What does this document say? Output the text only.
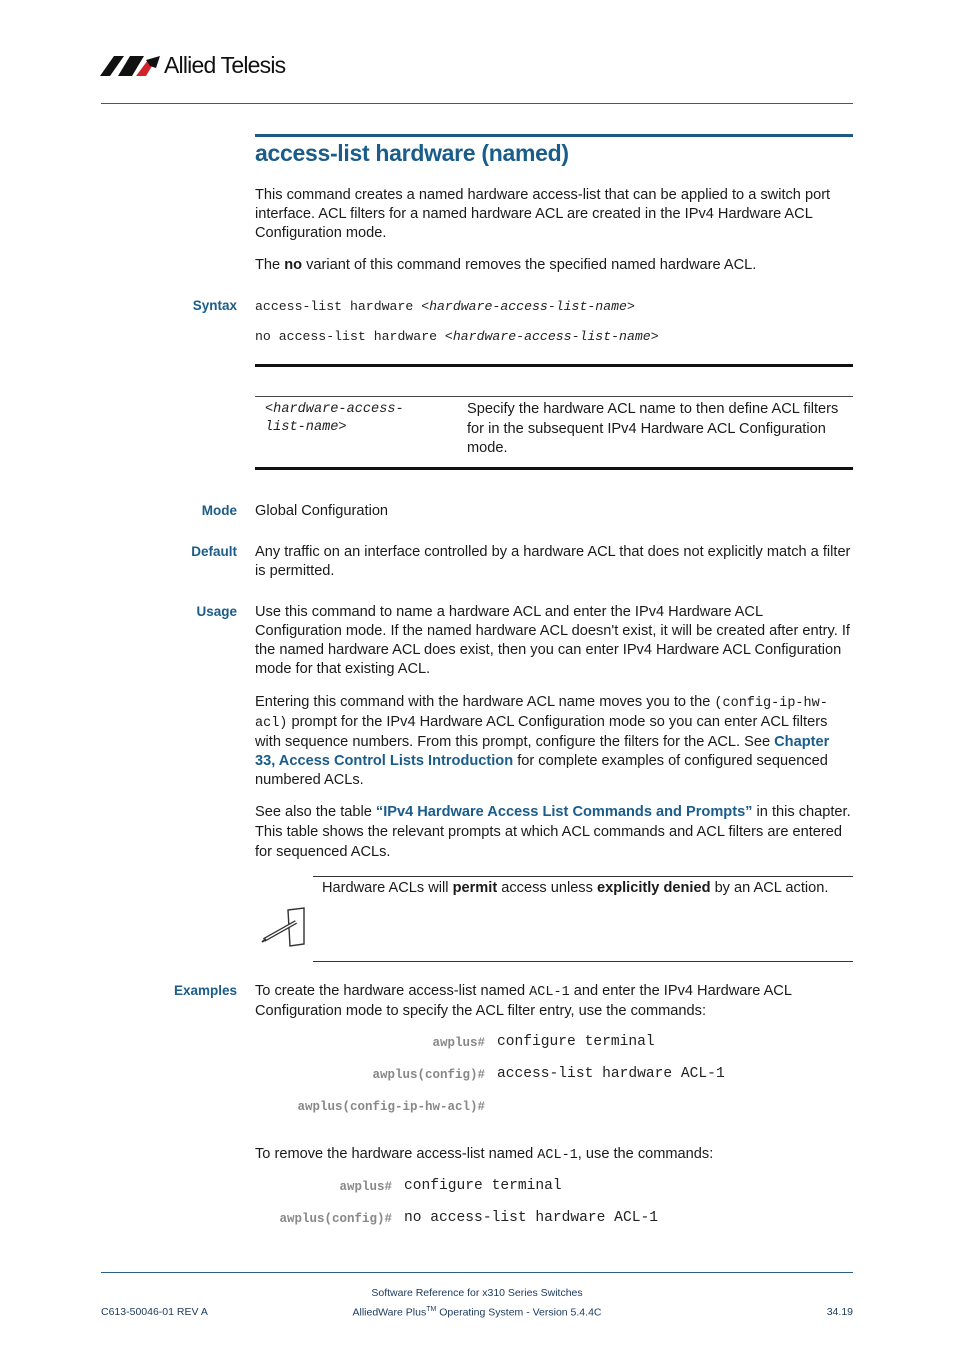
Allied Telesis
access-list hardware (named)
This command creates a named hardware access-list that can be applied to a switch port interface. ACL filters for a named hardware ACL are created in the IPv4 Hardware ACL Configuration mode.
The no variant of this command removes the specified named hardware ACL.
Syntax access-list hardware <hardware-access-list-name>
no access-list hardware <hardware-access-list-name>
<hardware-access-
list-name>
Specify the hardware ACL name to then define ACL filters for in the subsequent IPv4 Hardware ACL Configuration mode.
Mode Global Configuration
Default Any traffic on an interface controlled by a hardware ACL that does not explicitly match a filter is permitted.
Usage Use this command to name a hardware ACL and enter the IPv4 Hardware ACL Configuration mode. If the named hardware ACL doesn't exist, it will be created after entry. If the named hardware ACL does exist, then you can enter IPv4 Hardware ACL Configuration mode for that existing ACL.
Entering this command with the hardware ACL name moves you to the (config-ip-hw-acl) prompt for the IPv4 Hardware ACL Configuration mode so you can enter ACL filters with sequence numbers. From this prompt, configure the filters for the ACL. See Chapter 33, Access Control Lists Introduction for complete examples of configured sequenced numbered ACLs.
See also the table “IPv4 Hardware Access List Commands and Prompts” in this chapter. This table shows the relevant prompts at which ACL commands and ACL filters are entered for sequenced ACLs.
Hardware ACLs will permit access unless explicitly denied by an ACL action.
Examples To create the hardware access-list named ACL-1 and enter the IPv4 Hardware ACL Configuration mode to specify the ACL filter entry, use the commands:
awplus# configure terminal
awplus(config)# access-list hardware ACL-1
awplus(config-ip-hw-acl)#
To remove the hardware access-list named ACL-1, use the commands:
awplus# configure terminal
awplus(config)# no access-list hardware ACL-1
Software Reference for x310 Series Switches
C613-50046-01 REV A	AlliedWare Plus™ Operating System - Version 5.4.4C	34.19
